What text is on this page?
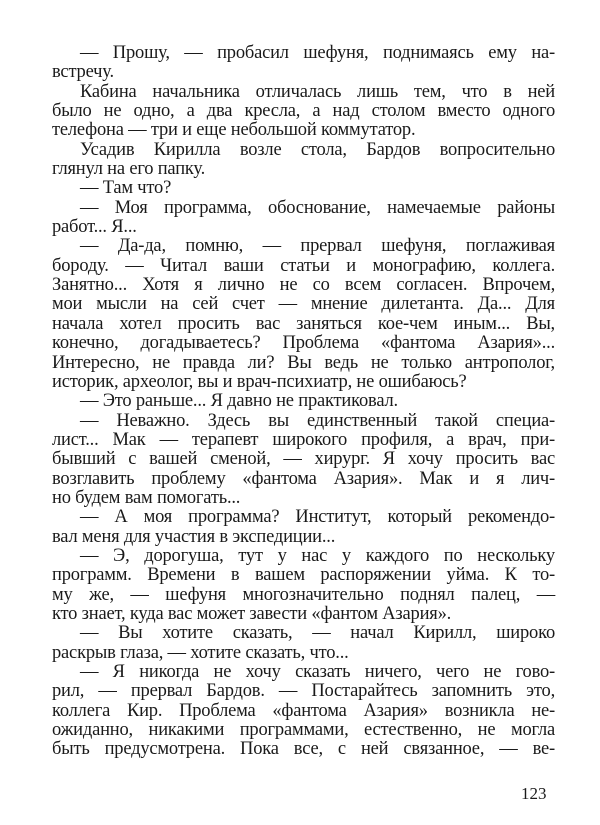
— Прошу, — пробасил шефуня, поднимаясь ему на-
встречу.
Кабина начальника отличалась лишь тем, что в ней
было не одно, а два кресла, а над столом вместо одного
телефона — три и еще небольшой коммутатор.
Усадив Кирилла возле стола, Бардов вопросительно
глянул на его папку.
— Там что?
— Моя программа, обоснование, намечаемые районы
работ... Я...
— Да-да, помню, — прервал шефуня, поглаживая
бороду. — Читал ваши статьи и монографию, коллега.
Занятно... Хотя я лично не со всем согласен. Впрочем,
мои мысли на сей счет — мнение дилетанта. Да... Для
начала хотел просить вас заняться кое-чем иным... Вы,
конечно, догадываетесь? Проблема «фантома Азария»...
Интересно, не правда ли? Вы ведь не только антрополог,
историк, археолог, вы и врач-психиатр, не ошибаюсь?
— Это раньше... Я давно не практиковал.
— Неважно. Здесь вы единственный такой специа-
лист... Мак — терапевт широкого профиля, а врач, при-
бывший с вашей сменой, — хирург. Я хочу просить вас
возглавить проблему «фантома Азария». Мак и я лич-
но будем вам помогать...
— А моя программа? Институт, который рекомендо-
вал меня для участия в экспедиции...
— Э, дорогуша, тут у нас у каждого по нескольку
программ. Времени в вашем распоряжении уйма. К то-
му же, — шефуня многозначительно поднял палец, —
кто знает, куда вас может завести «фантом Азария».
— Вы хотите сказать, — начал Кирилл, широко
раскрыв глаза, — хотите сказать, что...
— Я никогда не хочу сказать ничего, чего не гово-
рил, — прервал Бардов. — Постарайтесь запомнить это,
коллега Кир. Проблема «фантома Азария» возникла не-
ожиданно, никакими программами, естественно, не могла
быть предусмотрена. Пока все, с ней связанное, — ве-
123
